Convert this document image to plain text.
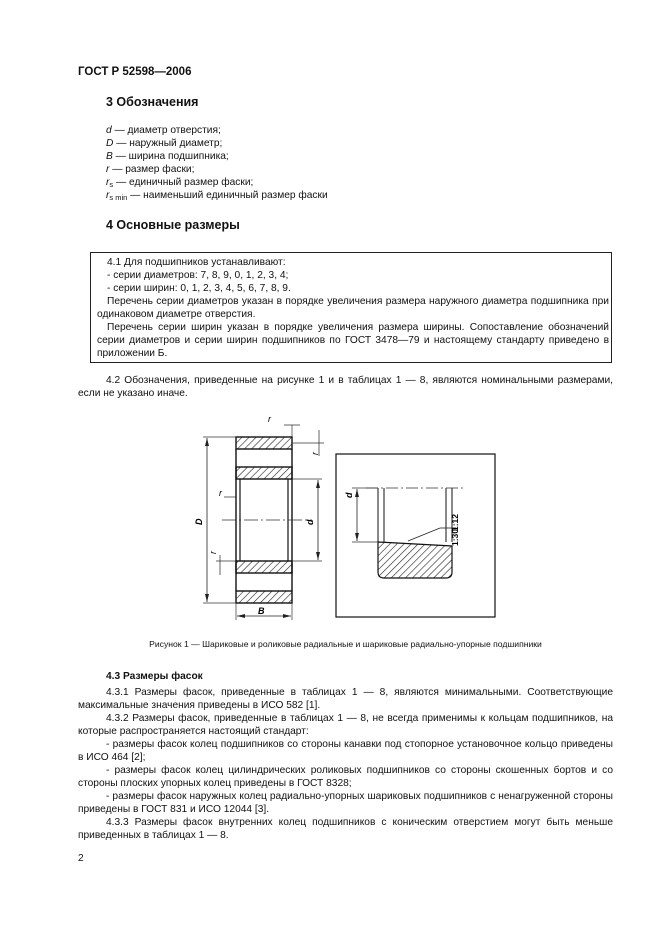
ГОСТ Р 52598—2006
3 Обозначения
d — диаметр отверстия;
D — наружный диаметр;
B — ширина подшипника;
r — размер фаски;
$r_s$ — единичный размер фаски;
$r_{s min}$ — наименьший единичный размер фаски
4 Основные размеры
4.1 Для подшипников устанавливают:
- серии диаметров: 7, 8, 9, 0, 1, 2, 3, 4;
- серии ширин: 0, 1, 2, 3, 4, 5, 6, 7, 8, 9.
Перечень серии диаметров указан в порядке увеличения размера наружного диаметра подшипника при одинаковом диаметре отверстия.
Перечень серии ширин указан в порядке увеличения размера ширины. Сопоставление обозначений серии диаметров и серии ширин подшипников по ГОСТ 3478—79 и настоящему стандарту приведено в приложении Б.
4.2 Обозначения, приведенные на рисунке 1 и в таблицах 1 — 8, являются номинальными размерами, если не указано иначе.
D	d
B
r
r
r
r
d
1:12
1:30
Рисунок 1 — Шариковые и роликовые радиальные и шариковые радиально-упорные подшипники
4.3 Размеры фасок
4.3.1 Размеры фасок, приведенные в таблицах 1 — 8, являются минимальными. Соответствующие максимальные значения приведены в ИСО 582 [1].
4.3.2 Размеры фасок, приведенные в таблицах 1 — 8, не всегда применимы к кольцам подшипников, на которые распространяется настоящий стандарт:
- размеры фасок колец подшипников со стороны канавки под стопорное установочное кольцо приведены в ИСО 464 [2];
- размеры фасок колец цилиндрических роликовых подшипников со стороны скошенных бортов и со стороны плоских упорных колец приведены в ГОСТ 8328;
- размеры фасок наружных колец радиально-упорных шариковых подшипников с ненагруженной стороны приведены в ГОСТ 831 и ИСО 12044 [3].
4.3.3 Размеры фасок внутренних колец подшипников с коническим отверстием могут быть меньше приведенных в таблицах 1 — 8.
2
